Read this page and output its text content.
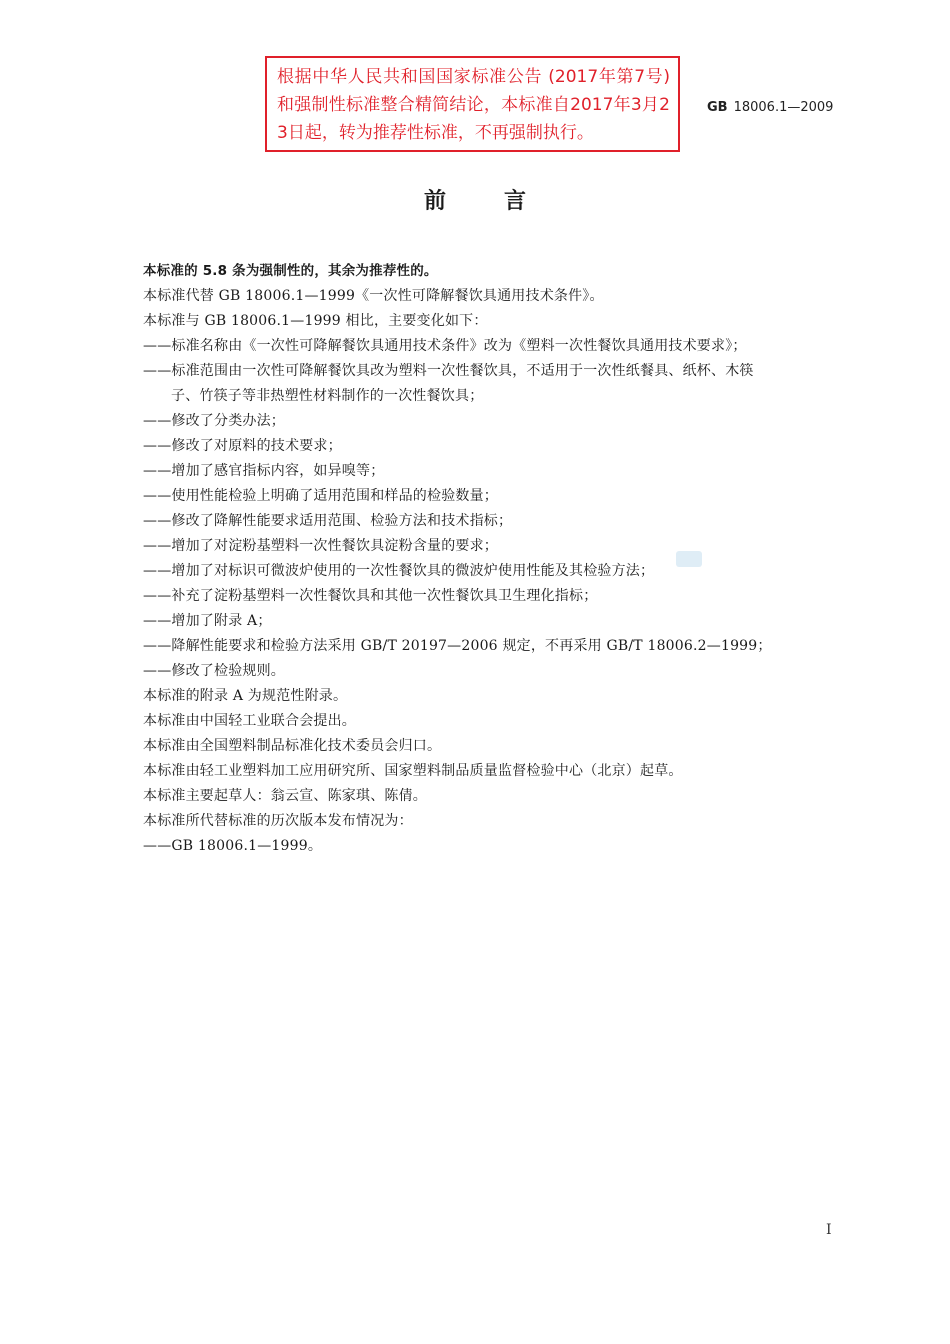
根据中华人民共和国国家标准公告 (2017年第7号) 和强制性标准整合精简结论，本标准自2017年3月23日起，转为推荐性标准，不再强制执行。
GB 18006.1—2009
前言
本标准的 5.8 条为强制性的，其余为推荐性的。
本标准代替 GB 18006.1—1999《一次性可降解餐饮具通用技术条件》。
本标准与 GB 18006.1—1999 相比，主要变化如下：
——标准名称由《一次性可降解餐饮具通用技术条件》改为《塑料一次性餐饮具通用技术要求》；
——标准范围由一次性可降解餐饮具改为塑料一次性餐饮具，不适用于一次性纸餐具、纸杯、木筷
子、竹筷子等非热塑性材料制作的一次性餐饮具；
——修改了分类办法；
——修改了对原料的技术要求；
——增加了感官指标内容，如异嗅等；
——使用性能检验上明确了适用范围和样品的检验数量；
——修改了降解性能要求适用范围、检验方法和技术指标；
——增加了对淀粉基塑料一次性餐饮具淀粉含量的要求；
——增加了对标识可微波炉使用的一次性餐饮具的微波炉使用性能及其检验方法；
——补充了淀粉基塑料一次性餐饮具和其他一次性餐饮具卫生理化指标；
——增加了附录 A；
——降解性能要求和检验方法采用 GB/T 20197—2006 规定，不再采用 GB/T 18006.2—1999；
——修改了检验规则。
本标准的附录 A 为规范性附录。
本标准由中国轻工业联合会提出。
本标准由全国塑料制品标准化技术委员会归口。
本标准由轻工业塑料加工应用研究所、国家塑料制品质量监督检验中心（北京）起草。
本标准主要起草人：翁云宣、陈家琪、陈倩。
本标准所代替标准的历次版本发布情况为：
——GB 18006.1—1999。
I
